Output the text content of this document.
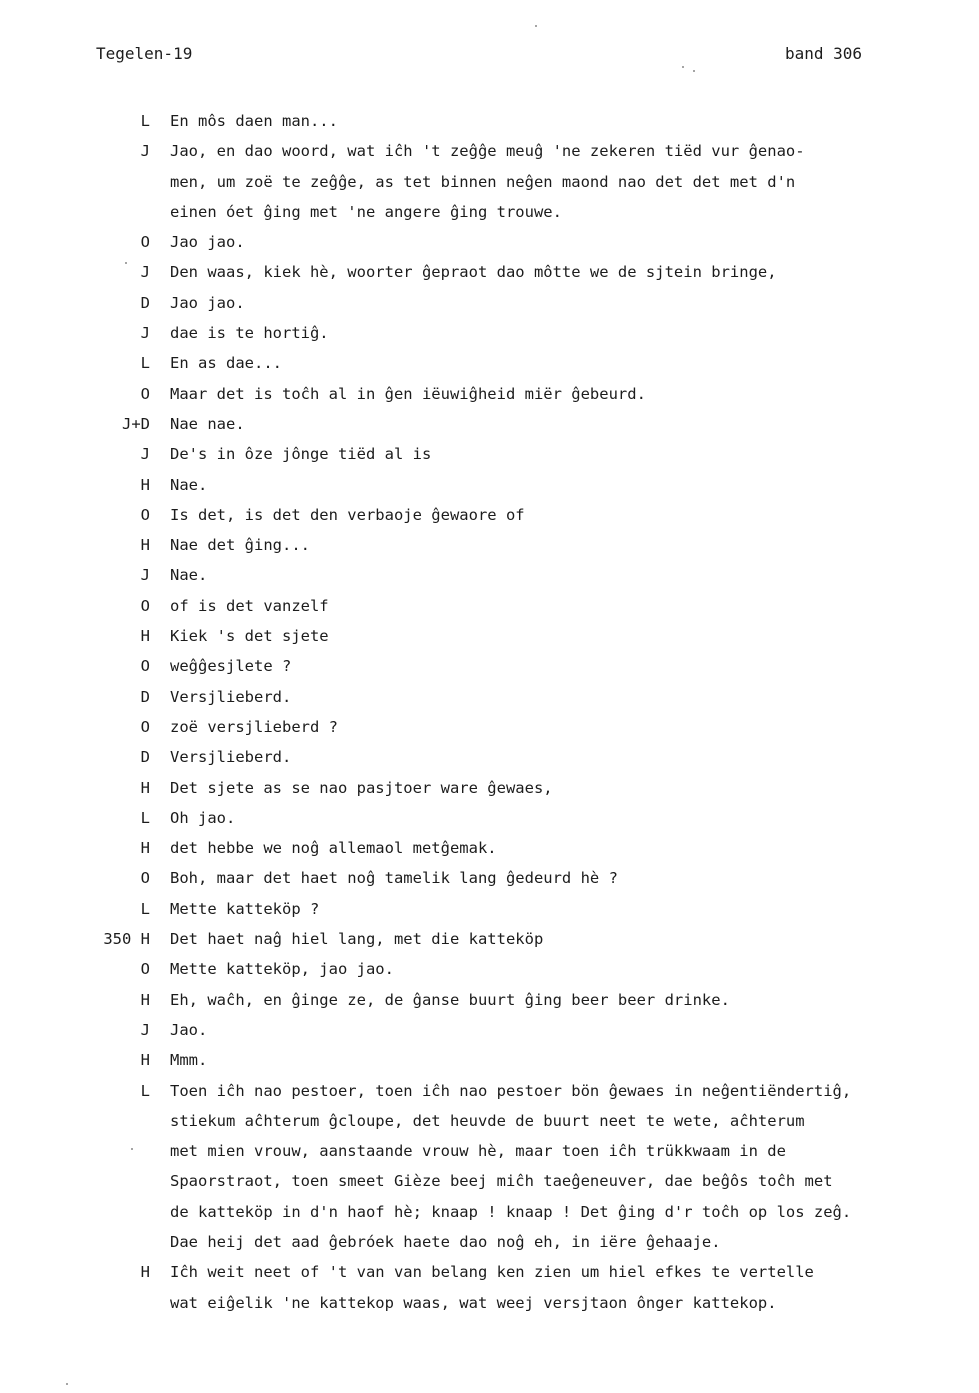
Tegelen-19	band 306
L En môs daen man...
J Jao, en dao woord, wat iĉh 't zeĝĝe meuĝ 'ne zekeren tiëd vur ĝenao-
men, um zoë te zeĝĝe, as tet binnen neĝen maond nao det det met d'n
einen óet ĝing met 'ne angere ĝing trouwe.
O Jao jao.
J Den waas, kiek hè, woorter ĝepraot dao môtte we de sjtein bringe,
D Jao jao.
J dae is te hortiĝ.
L En as dae...
O Maar det is toĉh al in ĝen iëuwiĝheid miër ĝebeurd.
J+D Nae nae.
J De's in ôze jônge tiëd al is
H Nae.
O Is det, is det den verbaoje ĝewaore of
H Nae det ĝing...
J Nae.
O of is det vanzelf
H Kiek 's det sjete
O weĝĝesjlete ?
D Versjlieberd.
O zoë versjlieberd ?
D Versjlieberd.
H Det sjete as se nao pasjtoer ware ĝewaes,
L Oh jao.
H det hebbe we noĝ allemaol metĝemak.
O Boh, maar det haet noĝ tamelik lang ĝedeurd hè ?
L Mette katteköp ?
350 H Det haet naĝ hiel lang, met die katteköp
O Mette katteköp, jao jao.
H Eh, waĉh, en ĝinge ze, de ĝanse buurt ĝing beer beer drinke.
J Jao.
H Mmm.
L Toen iĉh nao pestoer, toen iĉh nao pestoer bön ĝewaes in neĝentiëndertiĝ,
stiekum aĉhterum ĝcloupe, det heuvde de buurt neet te wete, aĉhterum
met mien vrouw, aanstaande vrouw hè, maar toen iĉh trükkwaam in de
Spaorstraot, toen smeet Gièze beej miĉh taeĝeneuver, dae beĝôs toĉh met
de katteköp in d'n haof hè; knaap ! knaap ! Det ĝing d'r toĉh op los zeĝ.
Dae heij det aad ĝebróek haete dao noĝ eh, in iëre ĝehaaje.
H Iĉh weit neet of 't van van belang ken zien um hiel efkes te vertelle
wat eiĝelik 'ne kattekop waas, wat weej versjtaon ônger kattekop.
